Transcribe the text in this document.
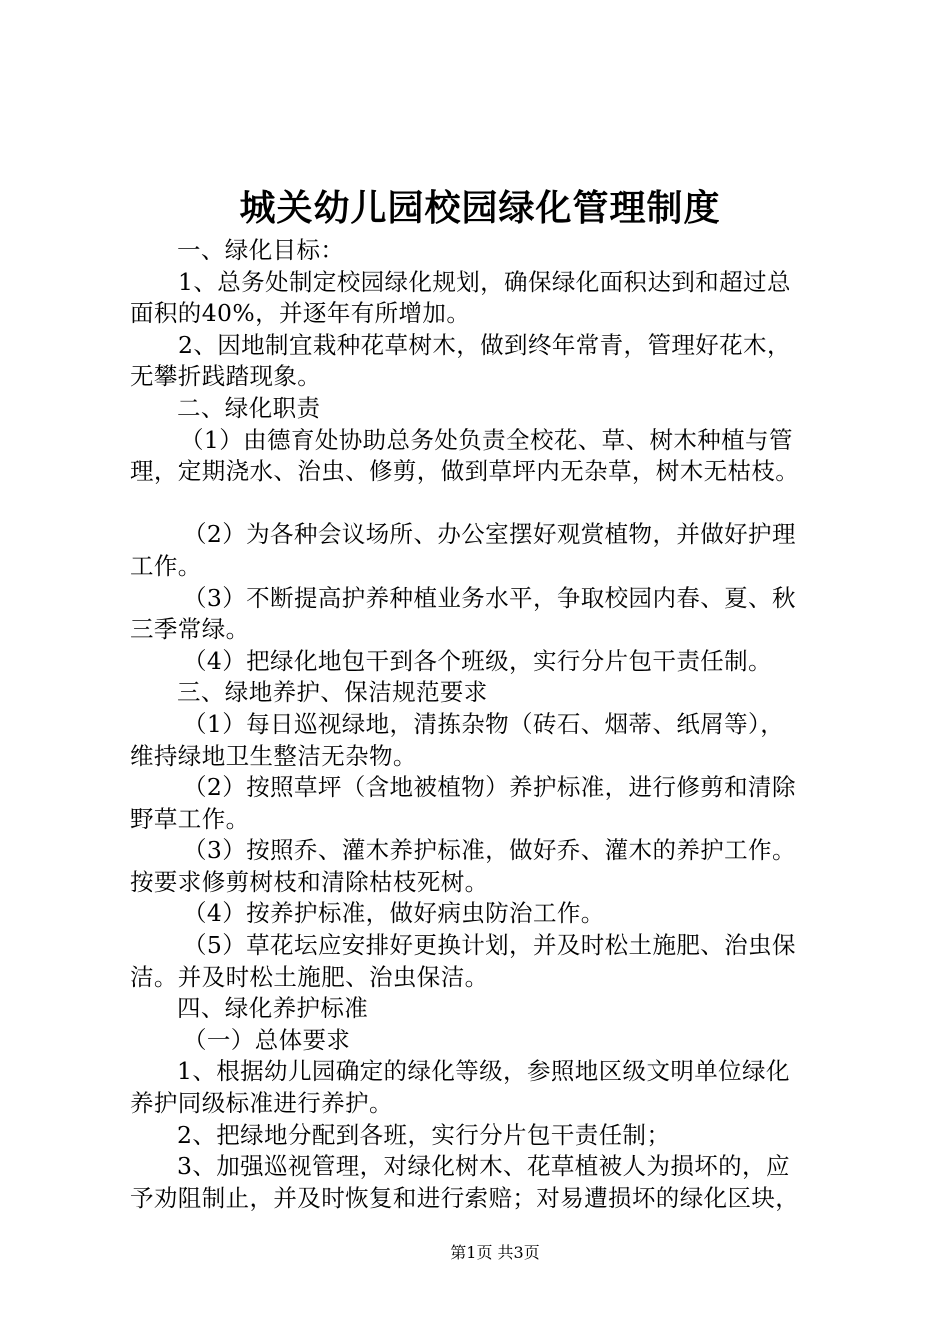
城关幼儿园校园绿化管理制度
一、绿化目标：
1、总务处制定校园绿化规划，确保绿化面积达到和超过总
面积的40%，并逐年有所增加。
2、因地制宜栽种花草树木，做到终年常青，管理好花木，
无攀折践踏现象。
二、绿化职责
（1）由德育处协助总务处负责全校花、草、树木种植与管
理，定期浇水、治虫、修剪，做到草坪内无杂草，树木无枯枝。
（2）为各种会议场所、办公室摆好观赏植物，并做好护理
工作。
（3）不断提高护养种植业务水平，争取校园内春、夏、秋
三季常绿。
（4）把绿化地包干到各个班级，实行分片包干责任制。
三、绿地养护、保洁规范要求
（1）每日巡视绿地，清拣杂物（砖石、烟蒂、纸屑等），
维持绿地卫生整洁无杂物。
（2）按照草坪（含地被植物）养护标准，进行修剪和清除
野草工作。
（3）按照乔、灌木养护标准，做好乔、灌木的养护工作。
按要求修剪树枝和清除枯枝死树。
（4）按养护标准，做好病虫防治工作。
（5）草花坛应安排好更换计划，并及时松土施肥、治虫保
洁。并及时松土施肥、治虫保洁。
四、绿化养护标准
（一）总体要求
1、根据幼儿园确定的绿化等级，参照地区级文明单位绿化
养护同级标准进行养护。
2、把绿地分配到各班，实行分片包干责任制；
3、加强巡视管理，对绿化树木、花草植被人为损坏的，应
予劝阻制止，并及时恢复和进行索赔；对易遭损坏的绿化区块，
第1页 共3页
